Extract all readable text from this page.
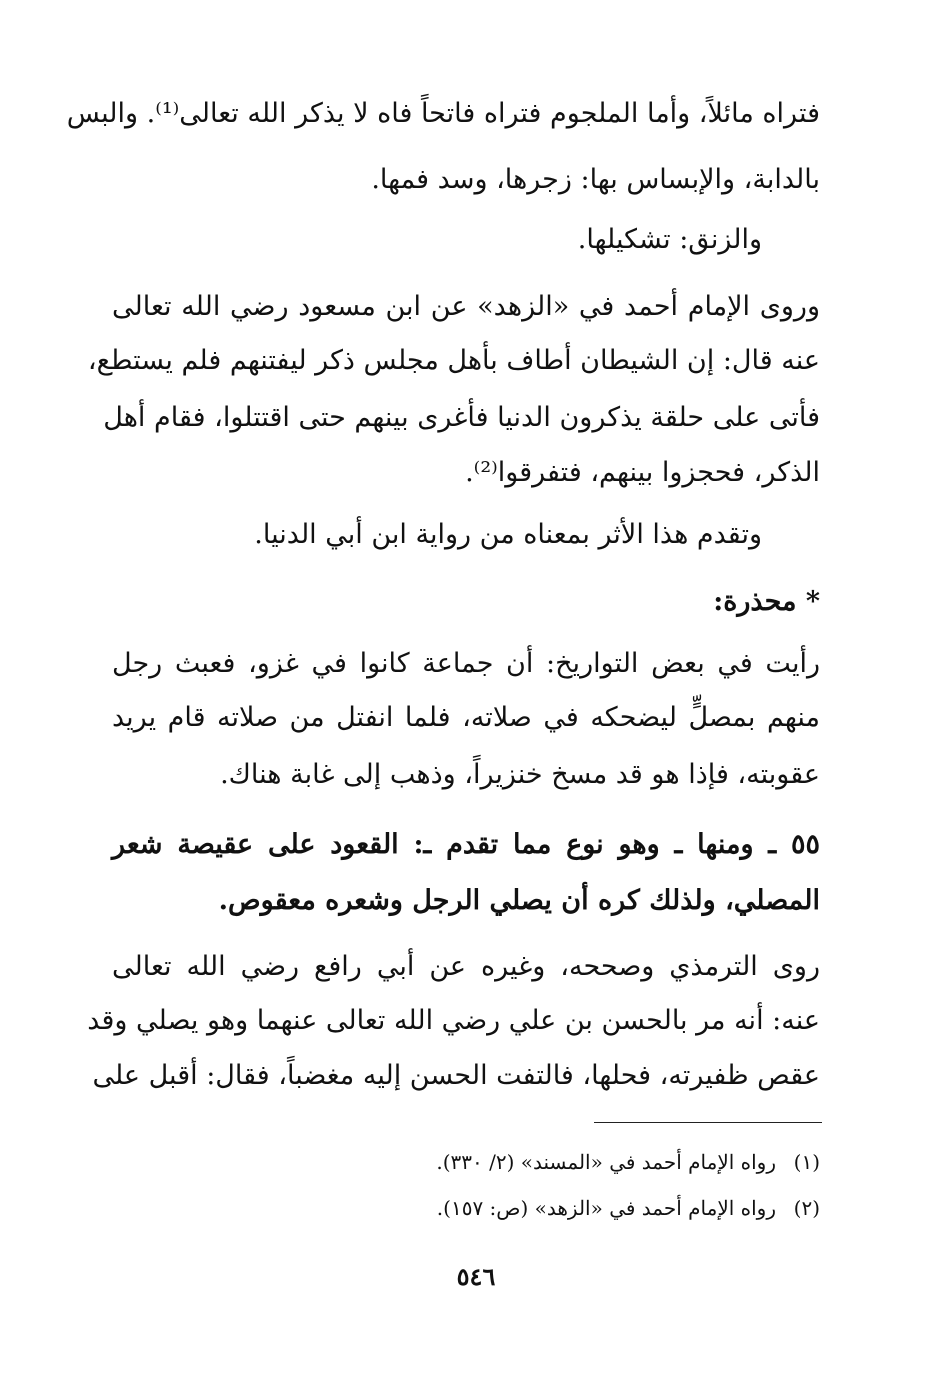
فتراه مائلاً، وأما الملجوم فتراه فاتحاً فاه لا يذكر الله تعالى⁽¹⁾. والبس
بالدابة، والإبساس بها: زجرها، وسد فمها.
والزنق: تشكيلها.
وروى الإمام أحمد في «الزهد» عن ابن مسعود رضي الله تعالى
عنه قال: إن الشيطان أطاف بأهل مجلس ذكر ليفتنهم فلم يستطع،
فأتى على حلقة يذكرون الدنيا فأغرى بينهم حتى اقتتلوا، فقام أهل
الذكر، فحجزوا بينهم، فتفرقوا⁽²⁾.
وتقدم هذا الأثر بمعناه من رواية ابن أبي الدنيا.
* محذرة:
رأيت في بعض التواريخ: أن جماعة كانوا في غزو، فعبث رجل
منهم بمصلٍّ ليضحكه في صلاته، فلما انفتل من صلاته قام يريد
عقوبته، فإذا هو قد مسخ خنزيراً، وذهب إلى غابة هناك.
٥٥ ـ ومنها ـ وهو نوع مما تقدم ـ: القعود على عقيصة شعر
المصلي، ولذلك كره أن يصلي الرجل وشعره معقوص.
روى الترمذي وصححه، وغيره عن أبي رافع رضي الله تعالى
عنه: أنه مر بالحسن بن علي رضي الله تعالى عنهما وهو يصلي وقد
عقص ظفيرته، فحلها، فالتفت الحسن إليه مغضباً، فقال: أقبل على
(١)رواه الإمام أحمد في «المسند» (٢/ ٣٣٠).
(٢)رواه الإمام أحمد في «الزهد» (ص: ١٥٧).
٥٤٦
